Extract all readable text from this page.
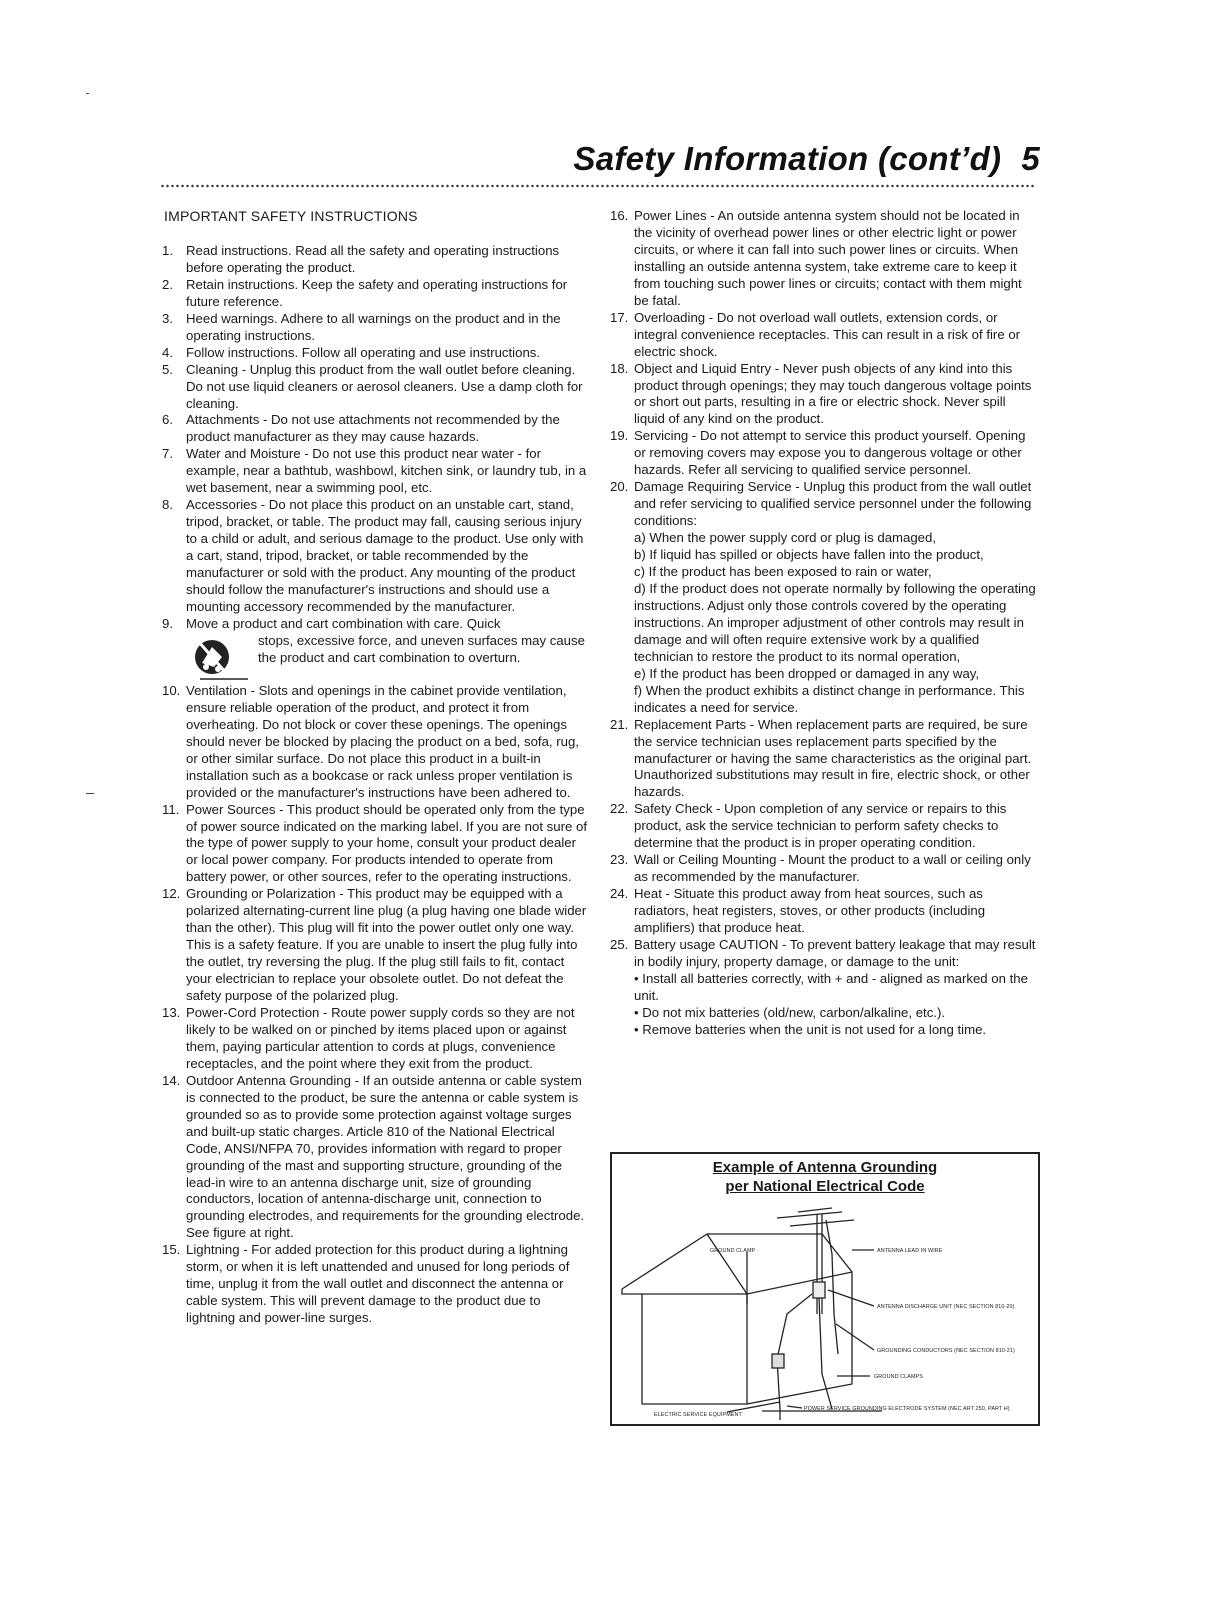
Safety Information (cont’d) 5
IMPORTANT SAFETY INSTRUCTIONS
1. Read instructions. Read all the safety and operating instructions before operating the product.
2. Retain instructions. Keep the safety and operating instructions for future reference.
3. Heed warnings. Adhere to all warnings on the product and in the operating instructions.
4. Follow instructions. Follow all operating and use instructions.
5. Cleaning - Unplug this product from the wall outlet before cleaning. Do not use liquid cleaners or aerosol cleaners. Use a damp cloth for cleaning.
6. Attachments - Do not use attachments not recommended by the product manufacturer as they may cause hazards.
7. Water and Moisture - Do not use this product near water - for example, near a bathtub, washbowl, kitchen sink, or laundry tub, in a wet basement, near a swimming pool, etc.
8. Accessories - Do not place this product on an unstable cart, stand, tripod, bracket, or table. The product may fall, causing serious injury to a child or adult, and serious damage to the product. Use only with a cart, stand, tripod, bracket, or table recommended by the manufacturer or sold with the product. Any mounting of the product should follow the manufacturer's instructions and should use a mounting accessory recommended by the manufacturer.
9. Move a product and cart combination with care. Quick
stops, excessive force, and uneven surfaces may cause the product and cart combination to overturn.
10. Ventilation - Slots and openings in the cabinet provide ventilation, ensure reliable operation of the product, and protect it from overheating. Do not block or cover these openings. The openings should never be blocked by placing the product on a bed, sofa, rug, or other similar surface. Do not place this product in a built-in installation such as a bookcase or rack unless proper ventilation is provided or the manufacturer's instructions have been adhered to.
11. Power Sources - This product should be operated only from the type of power source indicated on the marking label. If you are not sure of the type of power supply to your home, consult your product dealer or local power company. For products intended to operate from battery power, or other sources, refer to the operating instructions.
12. Grounding or Polarization - This product may be equipped with a polarized alternating-current line plug (a plug having one blade wider than the other). This plug will fit into the power outlet only one way. This is a safety feature. If you are unable to insert the plug fully into the outlet, try reversing the plug. If the plug still fails to fit, contact your electrician to replace your obsolete outlet. Do not defeat the safety purpose of the polarized plug.
13. Power-Cord Protection - Route power supply cords so they are not likely to be walked on or pinched by items placed upon or against them, paying particular attention to cords at plugs, convenience receptacles, and the point where they exit from the product.
14. Outdoor Antenna Grounding - If an outside antenna or cable system is connected to the product, be sure the antenna or cable system is grounded so as to provide some protection against voltage surges and built-up static charges. Article 810 of the National Electrical Code, ANSI/NFPA 70, provides information with regard to proper grounding of the mast and supporting structure, grounding of the lead-in wire to an antenna discharge unit, size of grounding conductors, location of antenna-discharge unit, connection to grounding electrodes, and requirements for the grounding electrode. See figure at right.
15. Lightning - For added protection for this product during a lightning storm, or when it is left unattended and unused for long periods of time, unplug it from the wall outlet and disconnect the antenna or cable system. This will prevent damage to the product due to lightning and power-line surges.
16. Power Lines - An outside antenna system should not be located in the vicinity of overhead power lines or other electric light or power circuits, or where it can fall into such power lines or circuits. When installing an outside antenna system, take extreme care to keep it from touching such power lines or circuits; contact with them might be fatal.
17. Overloading - Do not overload wall outlets, extension cords, or integral convenience receptacles. This can result in a risk of fire or electric shock.
18. Object and Liquid Entry - Never push objects of any kind into this product through openings; they may touch dangerous voltage points or short out parts, resulting in a fire or electric shock. Never spill liquid of any kind on the product.
19. Servicing - Do not attempt to service this product yourself. Opening or removing covers may expose you to dangerous voltage or other hazards. Refer all servicing to qualified service personnel.
20. Damage Requiring Service - Unplug this product from the wall outlet and refer servicing to qualified service personnel under the following conditions:
a) When the power supply cord or plug is damaged,
b) If liquid has spilled or objects have fallen into the product,
c) If the product has been exposed to rain or water,
d) If the product does not operate normally by following the operating instructions. Adjust only those controls covered by the operating instructions. An improper adjustment of other controls may result in damage and will often require extensive work by a qualified technician to restore the product to its normal operation,
e) If the product has been dropped or damaged in any way,
f) When the product exhibits a distinct change in performance. This indicates a need for service.
21. Replacement Parts - When replacement parts are required, be sure the service technician uses replacement parts specified by the manufacturer or having the same characteristics as the original part. Unauthorized substitutions may result in fire, electric shock, or other hazards.
22. Safety Check - Upon completion of any service or repairs to this product, ask the service technician to perform safety checks to determine that the product is in proper operating condition.
23. Wall or Ceiling Mounting - Mount the product to a wall or ceiling only as recommended by the manufacturer.
24. Heat - Situate this product away from heat sources, such as radiators, heat registers, stoves, or other products (including amplifiers) that produce heat.
25. Battery usage CAUTION - To prevent battery leakage that may result in bodily injury, property damage, or damage to the unit:
• Install all batteries correctly, with + and - aligned as marked on the unit.
• Do not mix batteries (old/new, carbon/alkaline, etc.).
• Remove batteries when the unit is not used for a long time.
Example of Antenna Grounding
per National Electrical Code
GROUND CLAMP	ANTENNA LEAD IN WIRE
ANTENNA DISCHARGE UNIT (NEC SECTION 810-20)
GROUNDING CONDUCTORS (NEC SECTION 810-21)
GROUND CLAMPS
ELECTRIC SERVICE EQUIPMENT
POWER SERVICE GROUNDING ELECTRODE SYSTEM (NEC ART 250, PART H)
